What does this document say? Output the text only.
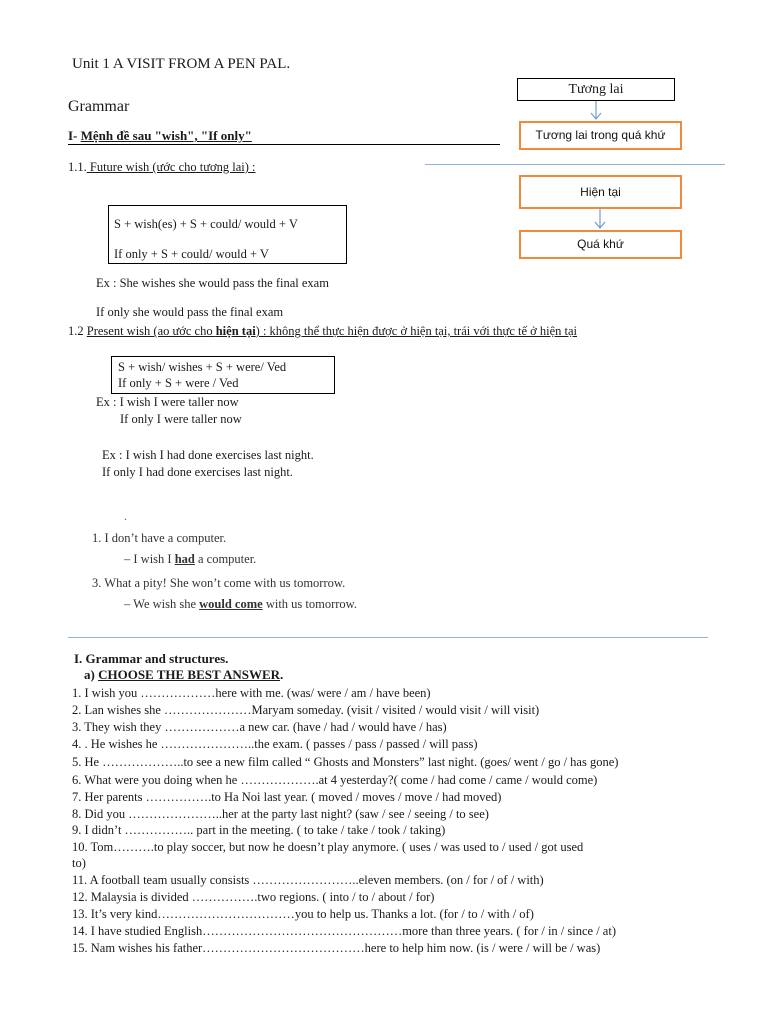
Unit 1 A VISIT FROM A PEN PAL.
Grammar
I- Mệnh đề sau "wish", "If only"
Tương lai
Tương lai trong quá khứ
Hiện tại
Quá khứ
1.1. Future wish (ước cho tương lai) :
S + wish(es) + S + could/ would + V
If only + S + could/ would + V
Ex : She wishes she would pass the final exam
If only she would pass the final exam
1.2 Present wish (ao ước cho hiện tại) : không thể thực hiện được ở hiện tại, trái với thực tế ở hiện tại
S + wish/ wishes + S + were/ Ved
If only + S + were / Ved
Ex : I wish I were taller now
If only I were taller now
Ex : I wish I had done exercises last night.
If only I had done exercises last night.
.
1. I don’t have a computer.
– I wish I had a computer.
3. What a pity! She won’t come with us tomorrow.
– We wish she would come with us tomorrow.
I. Grammar and structures.
a) CHOOSE THE BEST ANSWER.
1. I wish you ………………here with me. (was/ were / am / have been)
2. Lan wishes she …………………Maryam someday. (visit / visited / would visit / will visit)
3. They wish they ………………a new car. (have / had / would have / has)
4. . He wishes he …………………..the exam. ( passes / pass / passed / will pass)
5. He ………………..to see a new film called “ Ghosts and Monsters” last night. (goes/ went / go / has gone)
6. What were you doing when he ……………….at 4 yesterday?( come / had come / came / would come)
7. Her parents …………….to Ha Noi last year. ( moved / moves / move / had moved)
8. Did you …………………..her at the party last night? (saw / see / seeing / to see)
9. I didn’t …………….. part in the meeting. ( to take / take / took / taking)
10. Tom……….to play soccer, but now he doesn’t play anymore. ( uses / was used to / used / got used
to)
11. A football team usually consists ……………………..eleven members. (on / for / of / with)
12. Malaysia is divided …………….two regions. ( into / to / about / for)
13. It’s very kind……………………………you to help us. Thanks a lot. (for / to / with / of)
14. I have studied English…………………………………………more than three years. ( for / in / since / at)
15. Nam wishes his father…………………………………here to help him now. (is / were / will be / was)
